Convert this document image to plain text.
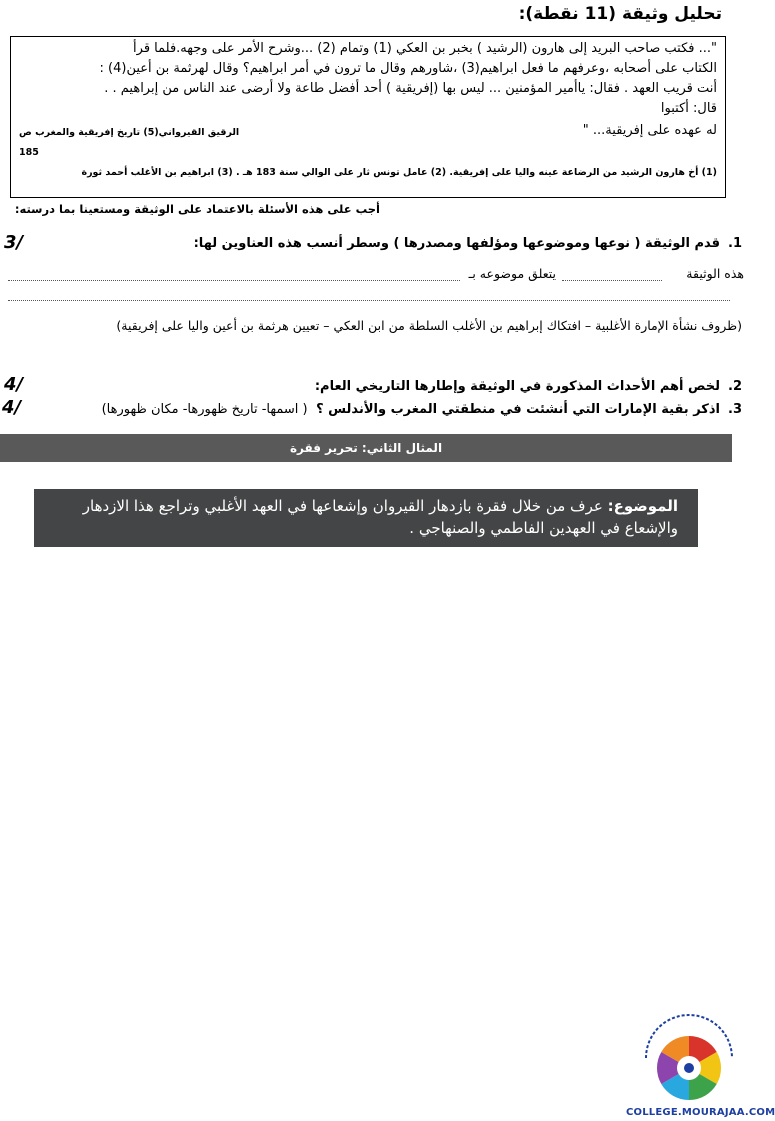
تحليل وثيقة (11 نقطة):
"... فكتب صاحب البريد إلى هارون (الرشيد ) بخبر بن العكي (1) وتمام (2) ...وشرح الأمر على وجهه.فلما قرأ
الكتاب على أصحابه ،وعرفهم ما فعل ابراهيم(3) ،شاورهم وقال ما ترون في أمر ابراهيم؟ وقال لهرثمة بن أعين(4) :
أنت قريب العهد . فقال: ياأمير المؤمنين ... ليس بها (إفريقية ) أحد أفضل طاعة ولا أرضى عند الناس من إبراهيم . .
قال: أكتبوا
له عهده على إفريقية... "
الرقيق القيرواني(5) تاريخ إفريقية والمغرب ص
185
(1) أخ هارون الرشيد من الرضاعة عينه واليا على إفريقية. (2) عامل تونس ثار على الوالي سنة 183 هـ . (3) ابراهيم بن الأغلب أحمد ثورة
أجب على هذه الأسئلة بالاعتماد على الوثيقة ومستعينا بما درسته:
1.قدم الوثيقة ( نوعها وموضوعها ومؤلفها ومصدرها ) وسطر أنسب هذه العناوين لها:
3/
هذه الوثيقة
يتعلق موضوعه بـ
(ظروف نشأة الإمارة الأغلبية – افتكاك إبراهيم بن الأغلب السلطة من ابن العكي – تعيين هرثمة بن أعين واليا على إفريقية)
2.لخص أهم الأحداث المذكورة في الوثيقة وإطارها التاريخي العام:
4/
3.اذكر بقية الإمارات التي أنشئت في منطقتي المغرب والأندلس ؟ ( اسمها- تاريخ ظهورها- مكان ظهورها)
4/
المثال الثاني: تحرير فقرة
الموضوع: عرف من خلال فقرة بازدهار القيروان وإشعاعها في العهد الأغلبي وتراجع هذا الازدهار والإشعاع في العهدين الفاطمي والصنهاجي .
COLLEGE.MOURAJAA.COM
